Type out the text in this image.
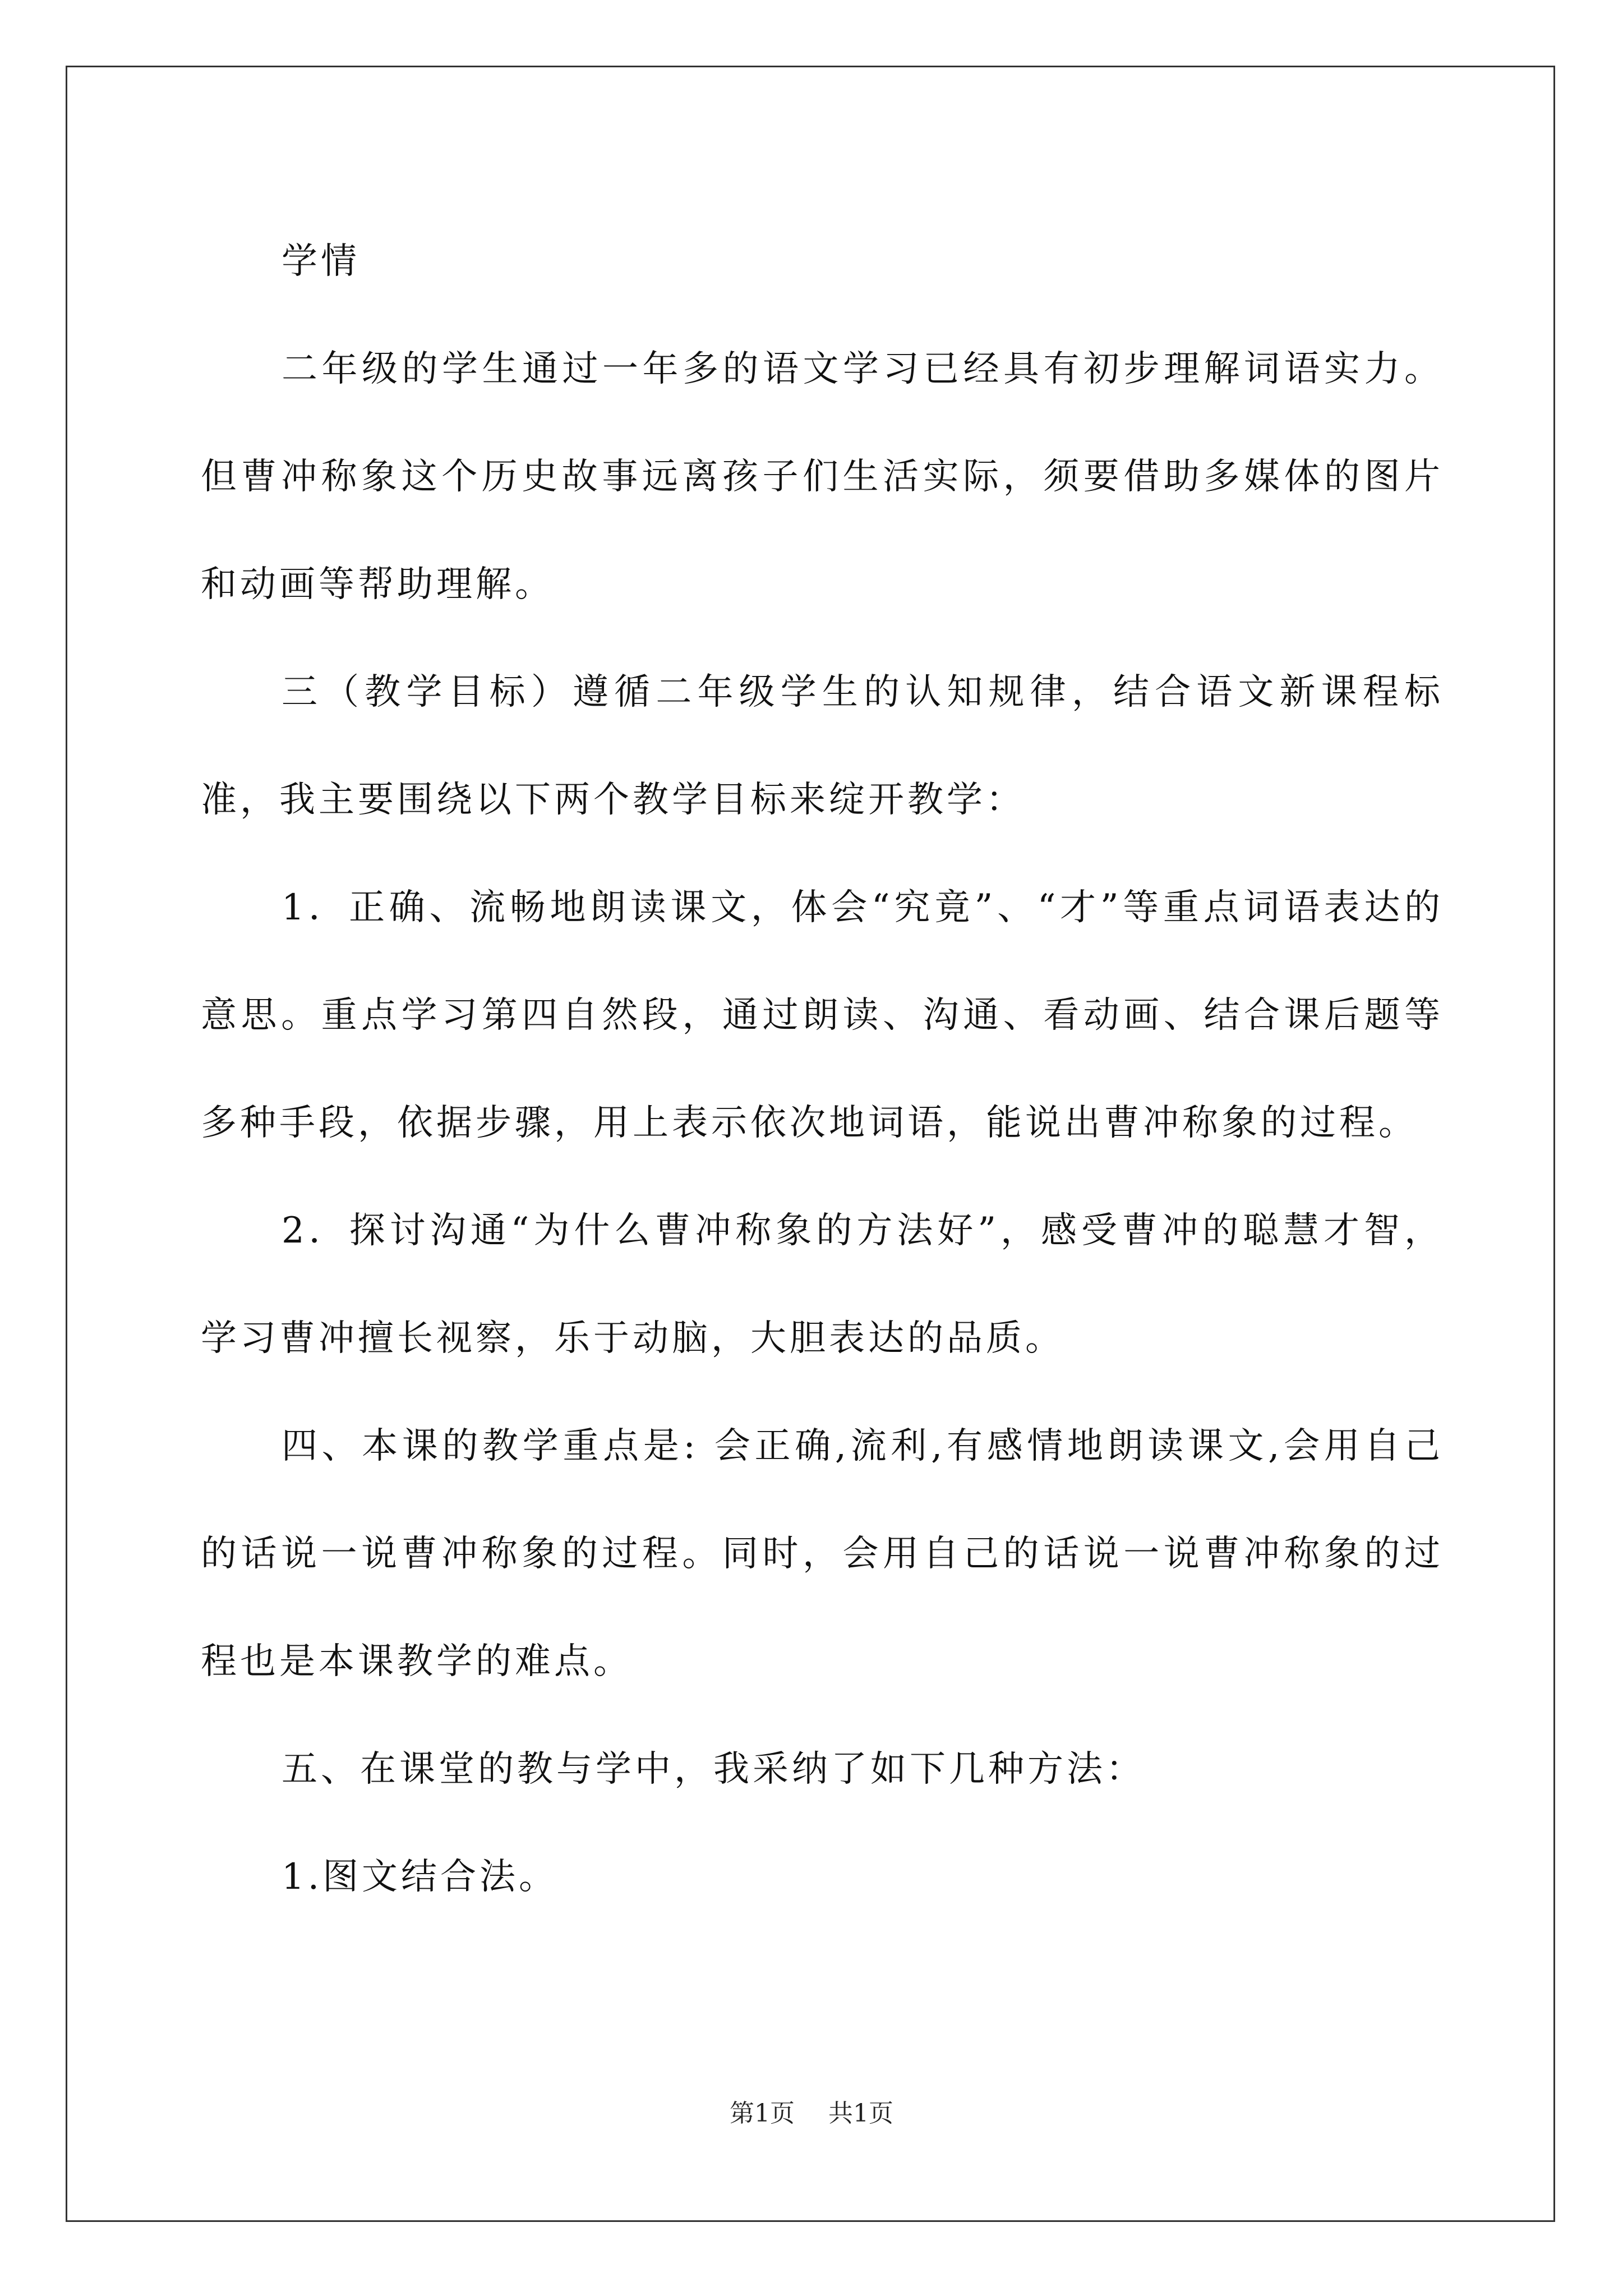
学情

二年级的学生通过一年多的语文学习已经具有初步理解词语实力。但曹冲称象这个历史故事远离孩子们生活实际，须要借助多媒体的图片和动画等帮助理解。

三（教学目标）遵循二年级学生的认知规律，结合语文新课程标准，我主要围绕以下两个教学目标来绽开教学：

1．正确、流畅地朗读课文，体会“究竟”、“才”等重点词语表达的意思。重点学习第四自然段，通过朗读、沟通、看动画、结合课后题等多种手段，依据步骤，用上表示依次地词语，能说出曹冲称象的过程。

2．探讨沟通“为什么曹冲称象的方法好”，感受曹冲的聪慧才智，学习曹冲擅长视察，乐于动脑，大胆表达的品质。

四、本课的教学重点是: 会正确,流利,有感情地朗读课文,会用自己的话说一说曹冲称象的过程。同时，会用自己的话说一说曹冲称象的过程也是本课教学的难点。

五、在课堂的教与学中，我采纳了如下几种方法：

1.图文结合法。

第1页 共1页
